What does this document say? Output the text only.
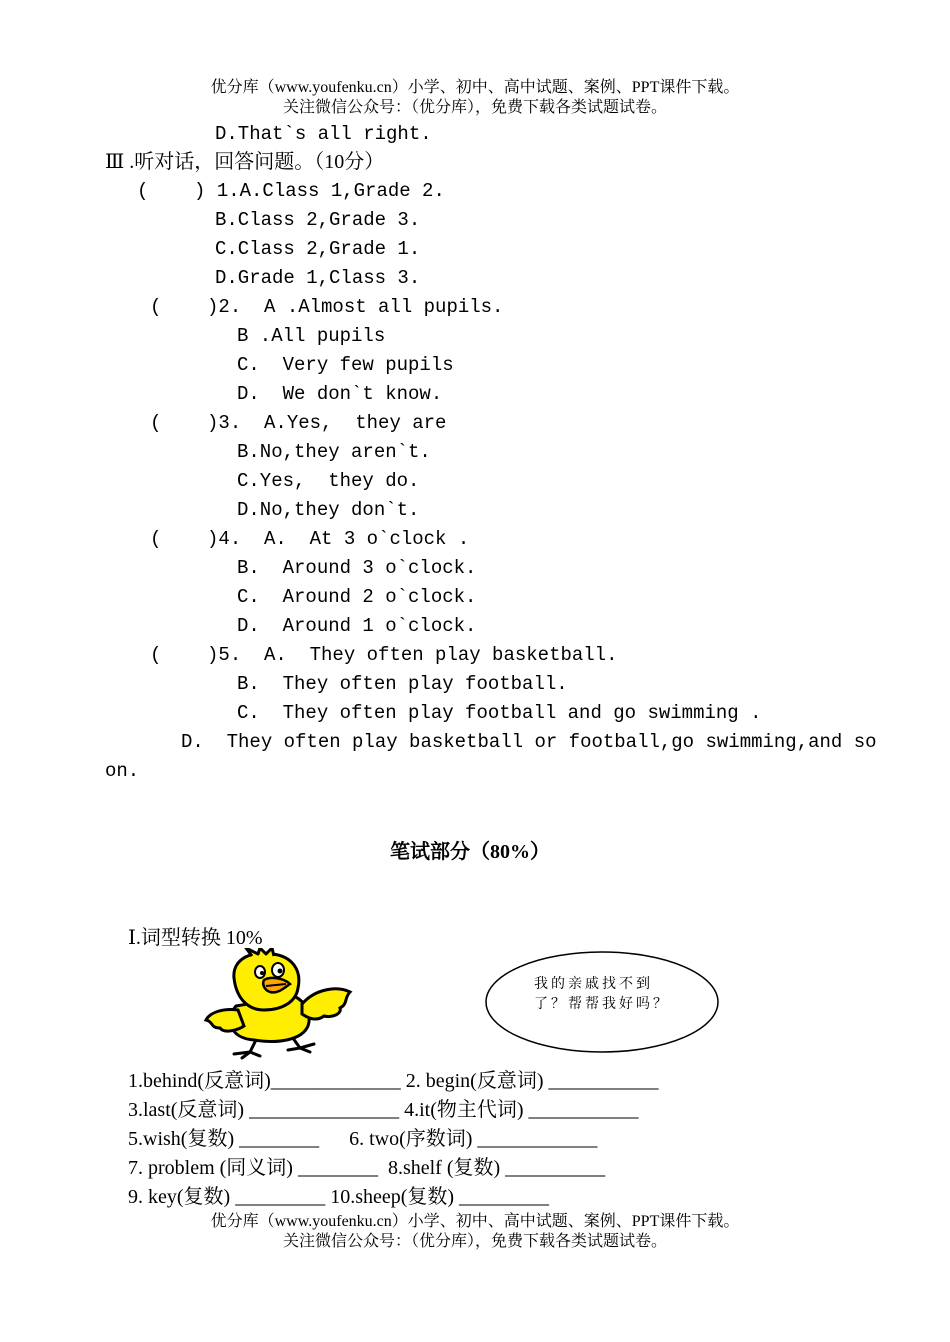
优分库（www.youfenku.cn）小学、初中、高中试题、案例、PPT课件下载。
关注微信公众号：（优分库），免费下载各类试题试卷。
D.That`s all right.
Ⅲ .听对话，回答问题。（10分）
(    ) 1.A.Class 1,Grade 2.
B.Class 2,Grade 3.
C.Class 2,Grade 1.
D.Grade 1,Class 3.
(    )2.  A .Almost all pupils.
B .All pupils
C.  Very few pupils
D.  We don`t know.
(    )3.  A.Yes,  they are
B.No,they aren`t.
C.Yes,  they do.
D.No,they don`t.
(    )4.  A.  At 3 o`clock .
B.  Around 3 o`clock.
C.  Around 2 o`clock.
D.  Around 1 o`clock.
(    )5.  A.  They often play basketball.
B.  They often play football.
C.  They often play football and go swimming .
D.  They often play basketball or football,go swimming,and so
on.
笔试部分（80%）
Ⅰ.词型转换 10%
我的亲戚找不到了？帮帮我好吗？
1.behind(反意词)_____________ 2. begin(反意词) ___________
3.last(反意词) _______________ 4.it(物主代词) ___________
5.wish(复数) ________      6. two(序数词) ____________
7. problem (同义词) ________  8.shelf (复数) __________
9. key(复数) _________ 10.sheep(复数) _________
优分库（www.youfenku.cn）小学、初中、高中试题、案例、PPT课件下载。
关注微信公众号：（优分库），免费下载各类试题试卷。
